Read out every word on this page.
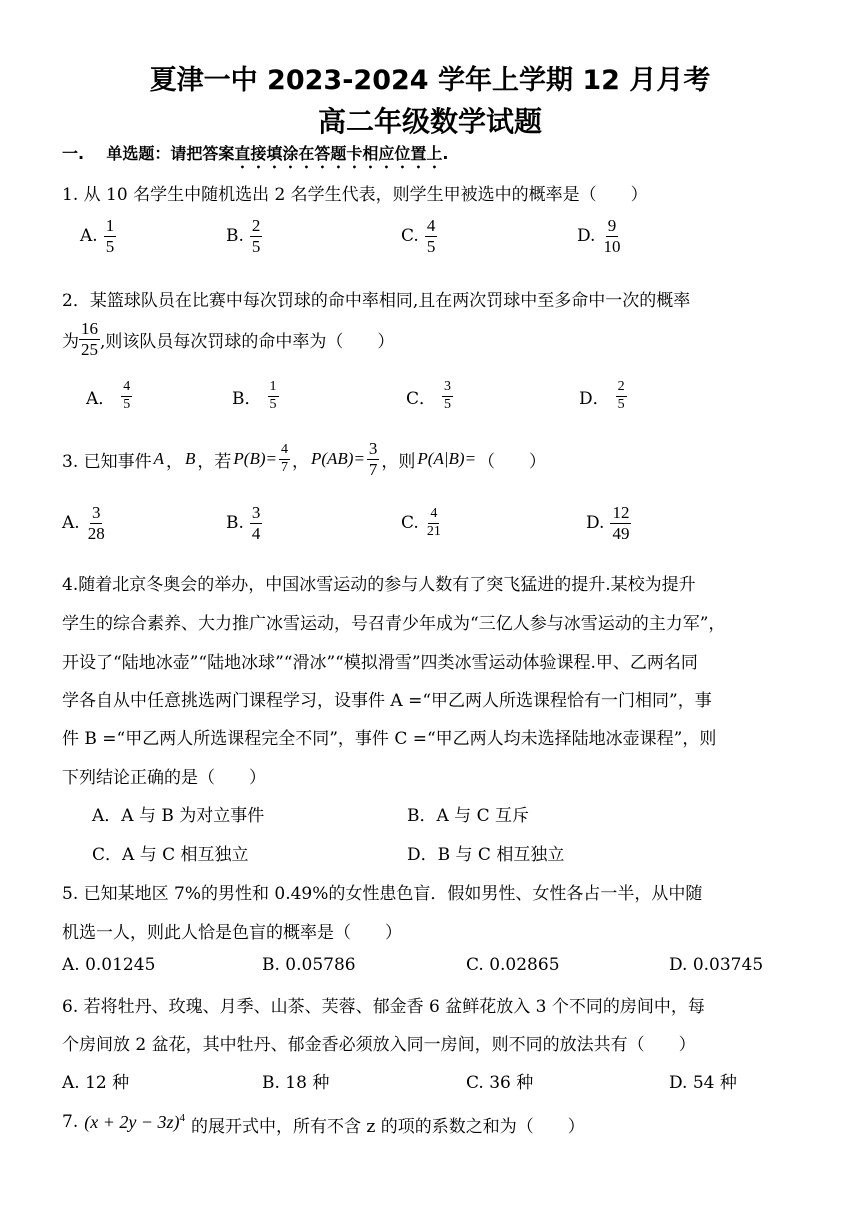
夏津一中 2023-2024 学年上学期 12 月月考
高二年级数学试题
一. 单选题：请把答案直接填涂在答题卡相应位置上.
1. 从 10 名学生中随机选出 2 名学生代表，则学生甲被选中的概率是（　　）
A. $\frac{1}{5}$	B. $\frac{2}{5}$	C. $\frac{4}{5}$	D. $\frac{9}{10}$
2．某篮球队员在比赛中每次罚球的命中率相同,且在两次罚球中至多命中一次的概率
为 $\frac{16}{25}$ ,则该队员每次罚球的命中率为（　　）
A． $\frac{4}{5}$	B． $\frac{1}{5}$	C． $\frac{3}{5}$	D． $\frac{2}{5}$
3. 已知事件 A ， B ，若 $P(B)= \frac{4}{7}$ ， $P(AB)= \frac{3}{7}$ ，则 P(A|B)= （　　）
A. $\frac{3}{28}$	B. $\frac{3}{4}$	C. $\frac{4}{21}$	D. $\frac{12}{49}$
4.随着北京冬奥会的举办，中国冰雪运动的参与人数有了突飞猛进的提升.某校为提升
学生的综合素养、大力推广冰雪运动，号召青少年成为“三亿人参与冰雪运动的主力军”，
开设了“陆地冰壶”“陆地冰球”“滑冰”“模拟滑雪”四类冰雪运动体验课程.甲、乙两名同
学各自从中任意挑选两门课程学习，设事件 A =“甲乙两人所选课程恰有一门相同”，事
件 B =“甲乙两人所选课程完全不同”，事件 C =“甲乙两人均未选择陆地冰壶课程”，则
下列结论正确的是（　　）
A．A 与 B 为对立事件	B．A 与 C 互斥
C．A 与 C 相互独立	D．B 与 C 相互独立
5. 已知某地区 7%的男性和 0.49%的女性患色盲．假如男性、女性各占一半，从中随
机选一人，则此人恰是色盲的概率是（　　）
A. 0.01245	B. 0.05786	C. 0.02865	D. 0.03745
6. 若将牡丹、玫瑰、月季、山茶、芙蓉、郁金香 6 盆鲜花放入 3 个不同的房间中，每
个房间放 2 盆花，其中牡丹、郁金香必须放入同一房间，则不同的放法共有（　　）
A. 12 种	B. 18 种	C. 36 种	D. 54 种
7. $(x + 2y - 3z)^4$ 的展开式中，所有不含 z 的项的系数之和为（　　）
